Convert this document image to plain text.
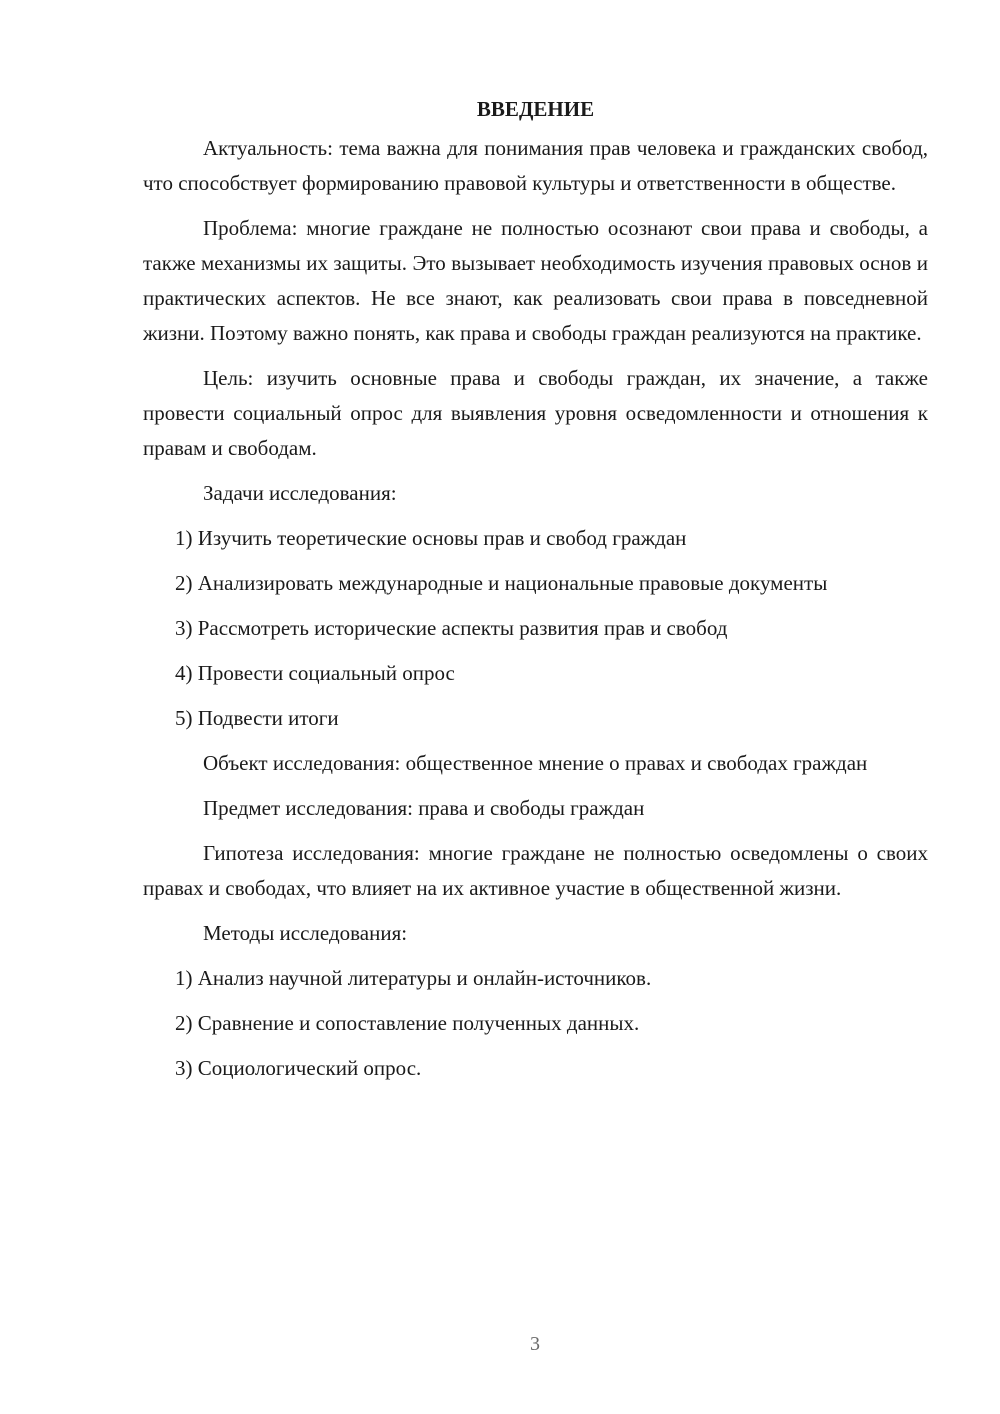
ВВЕДЕНИЕ

Актуальность: тема важна для понимания прав человека и гражданских свобод, что способствует формированию правовой культуры и ответственности в обществе.

Проблема: многие граждане не полностью осознают свои права и свободы, а также механизмы их защиты. Это вызывает необходимость изучения правовых основ и практических аспектов. Не все знают, как реализовать свои права в повседневной жизни. Поэтому важно понять, как права и свободы граждан реализуются на практике.

Цель: изучить основные права и свободы граждан, их значение, а также провести социальный опрос для выявления уровня осведомленности и отношения к правам и свободам.

Задачи исследования:

1) Изучить теоретические основы прав и свобод граждан

2) Анализировать международные и национальные правовые документы

3) Рассмотреть исторические аспекты развития прав и свобод

4) Провести социальный опрос

5) Подвести итоги

Объект исследования: общественное мнение о правах и свободах граждан

Предмет исследования: права и свободы граждан

Гипотеза исследования: многие граждане не полностью осведомлены о своих правах и свободах, что влияет на их активное участие в общественной жизни.

Методы исследования:

1) Анализ научной литературы и онлайн-источников.

2) Сравнение и сопоставление полученных данных.

3) Социологический опрос.

3
